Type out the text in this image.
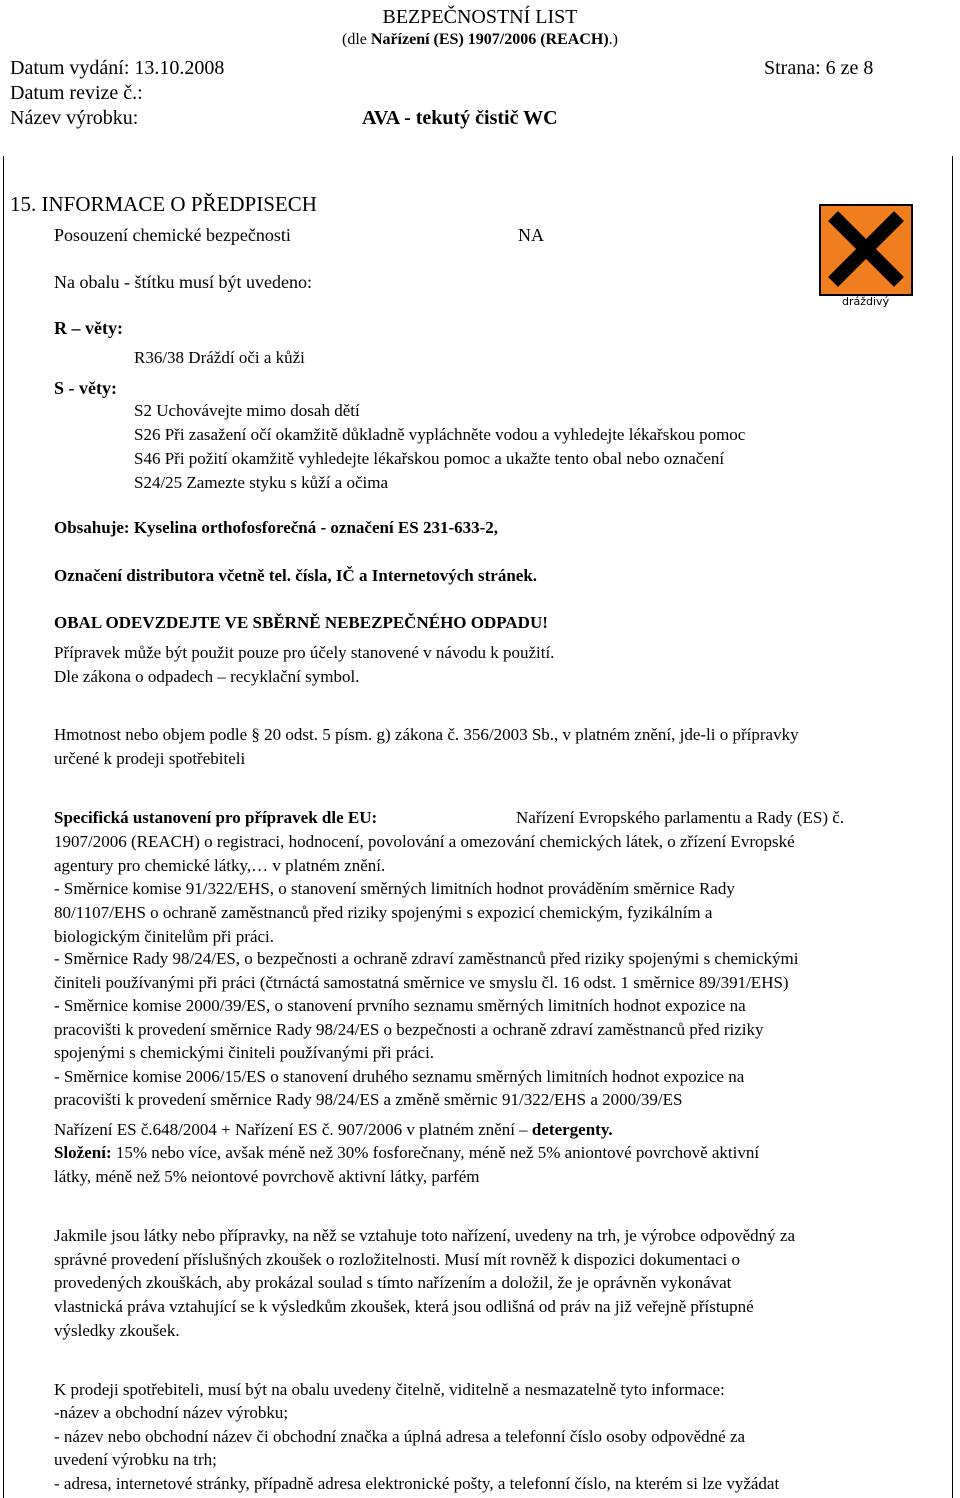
BEZPEČNOSTNÍ LIST
(dle Nařízení (ES) 1907/2006 (REACH).)
Datum vydání: 13.10.2008	Strana: 6 ze 8
Datum revize č.:
Název výrobku:	AVA - tekutý čistič WC
15. INFORMACE O PŘEDPISECH
Posouzení chemické bezpečnosti	NA
Na obalu - štítku musí být uvedeno:
dráždivý
R – věty:
R36/38 Dráždí oči a kůži
S - věty:
S2 Uchovávejte mimo dosah dětí
S26 Při zasažení očí okamžitě důkladně vypláchněte vodou a vyhledejte lékařskou pomoc
S46 Při požití okamžitě vyhledejte lékařskou pomoc a ukažte tento obal nebo označení
S24/25 Zamezte styku s kůží a očima
Obsahuje: Kyselina orthofosforečná - označení ES 231-633-2,
Označení distributora včetně tel. čísla, IČ a Internetových stránek.
OBAL ODEVZDEJTE VE SBĚRNĚ NEBEZPEČNÉHO ODPADU!
Přípravek může být použit pouze pro účely stanovené v návodu k použití.
Dle zákona o odpadech – recyklační symbol.
Hmotnost nebo objem podle § 20 odst. 5 písm. g) zákona č. 356/2003 Sb., v platném znění, jde-li o přípravky
určené k prodeji spotřebiteli
Specifická ustanovení pro přípravek dle EU:	Nařízení Evropského parlamentu a Rady (ES) č.
1907/2006 (REACH) o registraci, hodnocení, povolování a omezování chemických látek, o zřízení Evropské
agentury pro chemické látky,… v platném znění.
- Směrnice komise 91/322/EHS, o stanovení směrných limitních hodnot prováděním směrnice Rady
80/1107/EHS o ochraně zaměstnanců před riziky spojenými s expozicí chemickým, fyzikálním a
biologickým činitelům při práci.
- Směrnice Rady 98/24/ES, o bezpečnosti a ochraně zdraví zaměstnanců před riziky spojenými s chemickými
činiteli používanými při práci (čtrnáctá samostatná směrnice ve smyslu čl. 16 odst. 1 směrnice 89/391/EHS)
- Směrnice komise 2000/39/ES, o stanovení prvního seznamu směrných limitních hodnot expozice na
pracovišti k provedení směrnice Rady 98/24/ES o bezpečnosti a ochraně zdraví zaměstnanců před riziky
spojenými s chemickými činiteli používanými při práci.
- Směrnice komise 2006/15/ES o stanovení druhého seznamu směrných limitních hodnot expozice na
pracovišti k provedení směrnice Rady 98/24/ES a změně směrnic 91/322/EHS a 2000/39/ES
Nařízení ES č.648/2004 + Nařízení ES č. 907/2006 v platném znění – detergenty.
Složení: 15% nebo více, avšak méně než 30% fosforečnany, méně než 5% aniontové povrchově aktivní
látky, méně než 5% neiontové povrchově aktivní látky, parfém
Jakmile jsou látky nebo přípravky, na něž se vztahuje toto nařízení, uvedeny na trh, je výrobce odpovědný za
správné provedení příslušných zkoušek o rozložitelnosti. Musí mít rovněž k dispozici dokumentaci o
provedených zkouškách, aby prokázal soulad s tímto nařízením a doložil, že je oprávněn vykonávat
vlastnická práva vztahující se k výsledkům zkoušek, která jsou odlišná od práv na již veřejně přístupné
výsledky zkoušek.
K prodeji spotřebiteli, musí být na obalu uvedeny čitelně, viditelně a nesmazatelně tyto informace:
-název a obchodní název výrobku;
- název nebo obchodní název či obchodní značka a úplná adresa a telefonní číslo osoby odpovědné za
uvedení výrobku na trh;
- adresa, internetové stránky, případně adresa elektronické pošty, a telefonní číslo, na kterém si lze vyžádat
